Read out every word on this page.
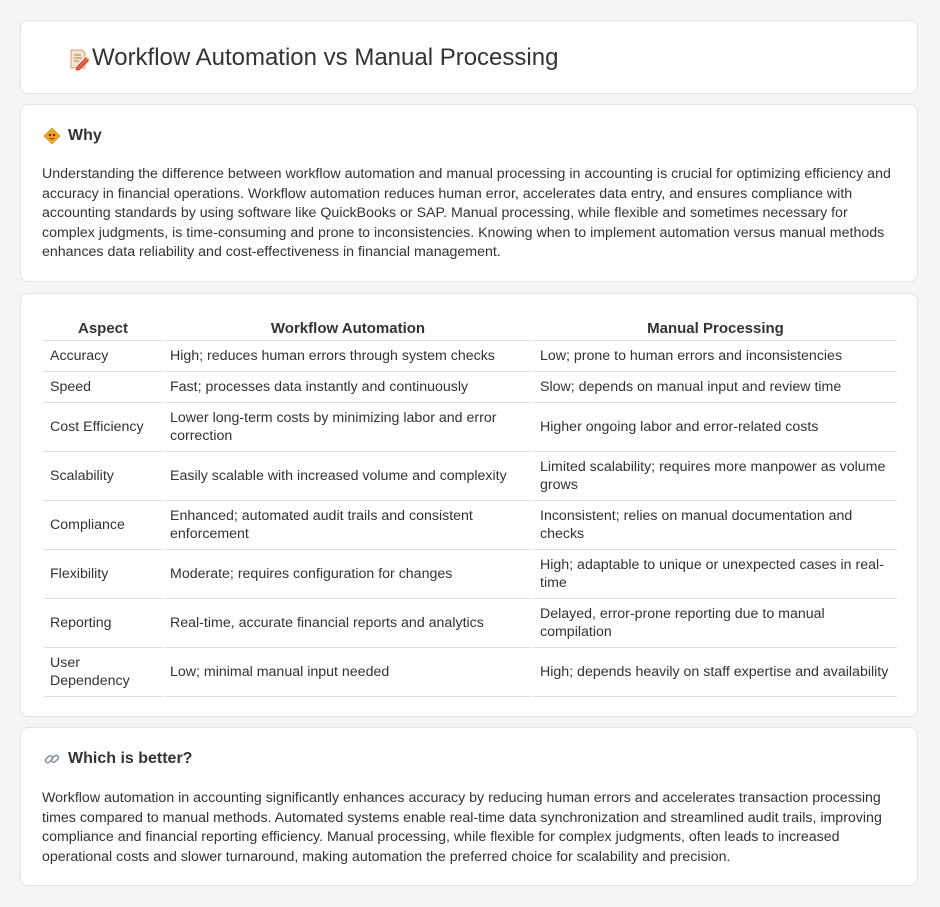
Workflow Automation vs Manual Processing
Why

Understanding the difference between workflow automation and manual processing in accounting is crucial for optimizing efficiency and accuracy in financial operations. Workflow automation reduces human error, accelerates data entry, and ensures compliance with accounting standards by using software like QuickBooks or SAP. Manual processing, while flexible and sometimes necessary for complex judgments, is time-consuming and prone to inconsistencies. Knowing when to implement automation versus manual methods enhances data reliability and cost-effectiveness in financial management.

Aspect	Workflow Automation	Manual Processing
Accuracy	High; reduces human errors through system checks	Low; prone to human errors and inconsistencies
Speed	Fast; processes data instantly and continuously	Slow; depends on manual input and review time
Cost Efficiency	Lower long-term costs by minimizing labor and error correction	Higher ongoing labor and error-related costs
Scalability	Easily scalable with increased volume and complexity	Limited scalability; requires more manpower as volume grows
Compliance	Enhanced; automated audit trails and consistent enforcement	Inconsistent; relies on manual documentation and checks
Flexibility	Moderate; requires configuration for changes	High; adaptable to unique or unexpected cases in real-time
Reporting	Real-time, accurate financial reports and analytics	Delayed, error-prone reporting due to manual compilation
User Dependency	Low; minimal manual input needed	High; depends heavily on staff expertise and availability
Which is better?

Workflow automation in accounting significantly enhances accuracy by reducing human errors and accelerates transaction processing times compared to manual methods. Automated systems enable real-time data synchronization and streamlined audit trails, improving compliance and financial reporting efficiency. Manual processing, while flexible for complex judgments, often leads to increased operational costs and slower turnaround, making automation the preferred choice for scalability and precision.
